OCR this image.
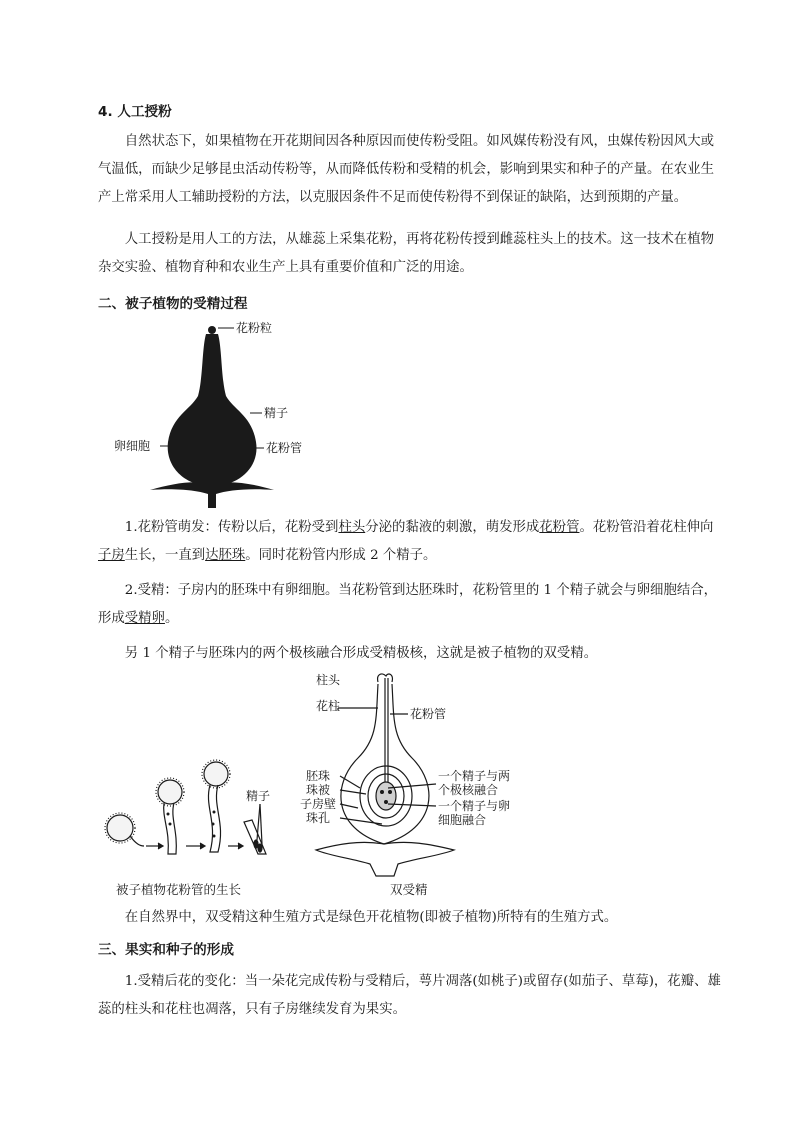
4. 人工授粉

自然状态下，如果植物在开花期间因各种原因而使传粉受阻。如风媒传粉没有风，虫媒传粉因风大或气温低，而缺少足够昆虫活动传粉等，从而降低传粉和受精的机会，影响到果实和种子的产量。在农业生产上常采用人工辅助授粉的方法，以克服因条件不足而使传粉得不到保证的缺陷，达到预期的产量。

人工授粉是用人工的方法，从雄蕊上采集花粉，再将花粉传授到雌蕊柱头上的技术。这一技术在植物杂交实验、植物育种和农业生产上具有重要价值和广泛的用途。

二、被子植物的受精过程

花粉粒
精子
卵细胞	花粉管

1.花粉管萌发：传粉以后，花粉受到柱头分泌的黏液的刺激，萌发形成花粉管。花粉管沿着花柱伸向子房生长，一直到达胚珠。同时花粉管内形成 2 个精子。

2.受精：子房内的胚珠中有卵细胞。当花粉管到达胚珠时，花粉管里的 1 个精子就会与卵细胞结合，形成受精卵。

另 1 个精子与胚珠内的两个极核融合形成受精极核，这就是被子植物的双受精。

精子
被子植物花粉管的生长
柱头
花柱
花粉管
胚珠
珠被
子房壁
珠孔
一个精子与两
个极核融合
一个精子与卵
细胞融合
双受精

在自然界中，双受精这种生殖方式是绿色开花植物(即被子植物)所特有的生殖方式。

三、果实和种子的形成

1.受精后花的变化：当一朵花完成传粉与受精后，萼片凋落(如桃子)或留存(如茄子、草莓)，花瓣、雄蕊的柱头和花柱也凋落，只有子房继续发育为果实。
